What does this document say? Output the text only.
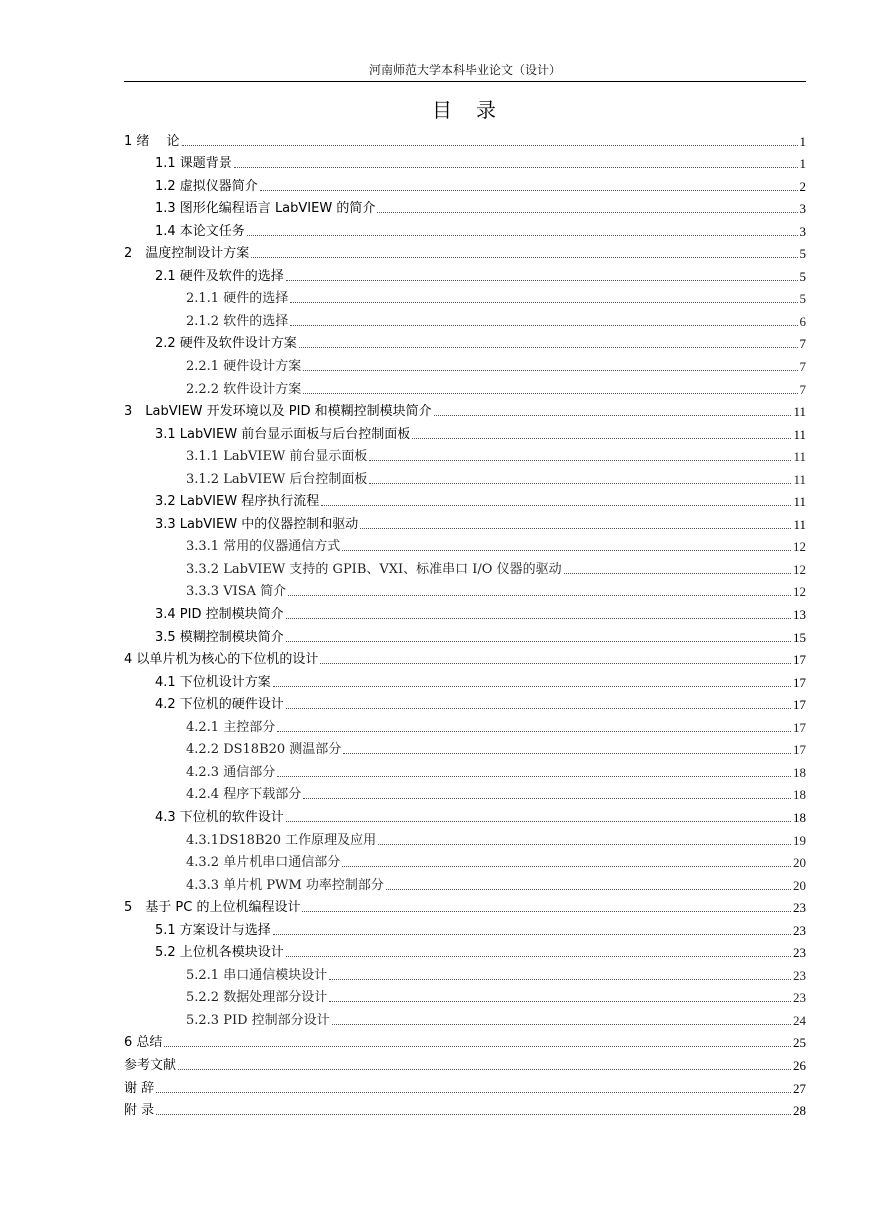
河南师范大学本科毕业论文（设计）
目　录
1 绪　 论	1
1.1 课题背景	1
1.2 虚拟仪器简介	2
1.3 图形化编程语言 LabVIEW 的简介	3
1.4 本论文任务	3
2　温度控制设计方案	5
2.1 硬件及软件的选择	5
2.1.1 硬件的选择	5
2.1.2 软件的选择	6
2.2 硬件及软件设计方案	7
2.2.1 硬件设计方案	7
2.2.2 软件设计方案	7
3　LabVIEW 开发环境以及 PID 和模糊控制模块简介	11
3.1 LabVIEW 前台显示面板与后台控制面板	11
3.1.1 LabVIEW 前台显示面板	11
3.1.2 LabVIEW 后台控制面板	11
3.2 LabVIEW 程序执行流程	11
3.3 LabVIEW 中的仪器控制和驱动	11
3.3.1 常用的仪器通信方式	12
3.3.2 LabVIEW 支持的 GPIB、VXI、标准串口 I/O 仪器的驱动	12
3.3.3 VISA 简介	12
3.4 PID 控制模块简介	13
3.5 模糊控制模块简介	15
4 以单片机为核心的下位机的设计	17
4.1 下位机设计方案	17
4.2 下位机的硬件设计	17
4.2.1 主控部分	17
4.2.2 DS18B20 测温部分	17
4.2.3 通信部分	18
4.2.4 程序下载部分	18
4.3 下位机的软件设计	18
4.3.1DS18B20 工作原理及应用	19
4.3.2 单片机串口通信部分	20
4.3.3 单片机 PWM 功率控制部分	20
5　基于 PC 的上位机编程设计	23
5.1 方案设计与选择	23
5.2 上位机各模块设计	23
5.2.1 串口通信模块设计	23
5.2.2 数据处理部分设计	23
5.2.3 PID 控制部分设计	24
6 总结	25
参考文献	26
谢 辞	27
附 录	28
